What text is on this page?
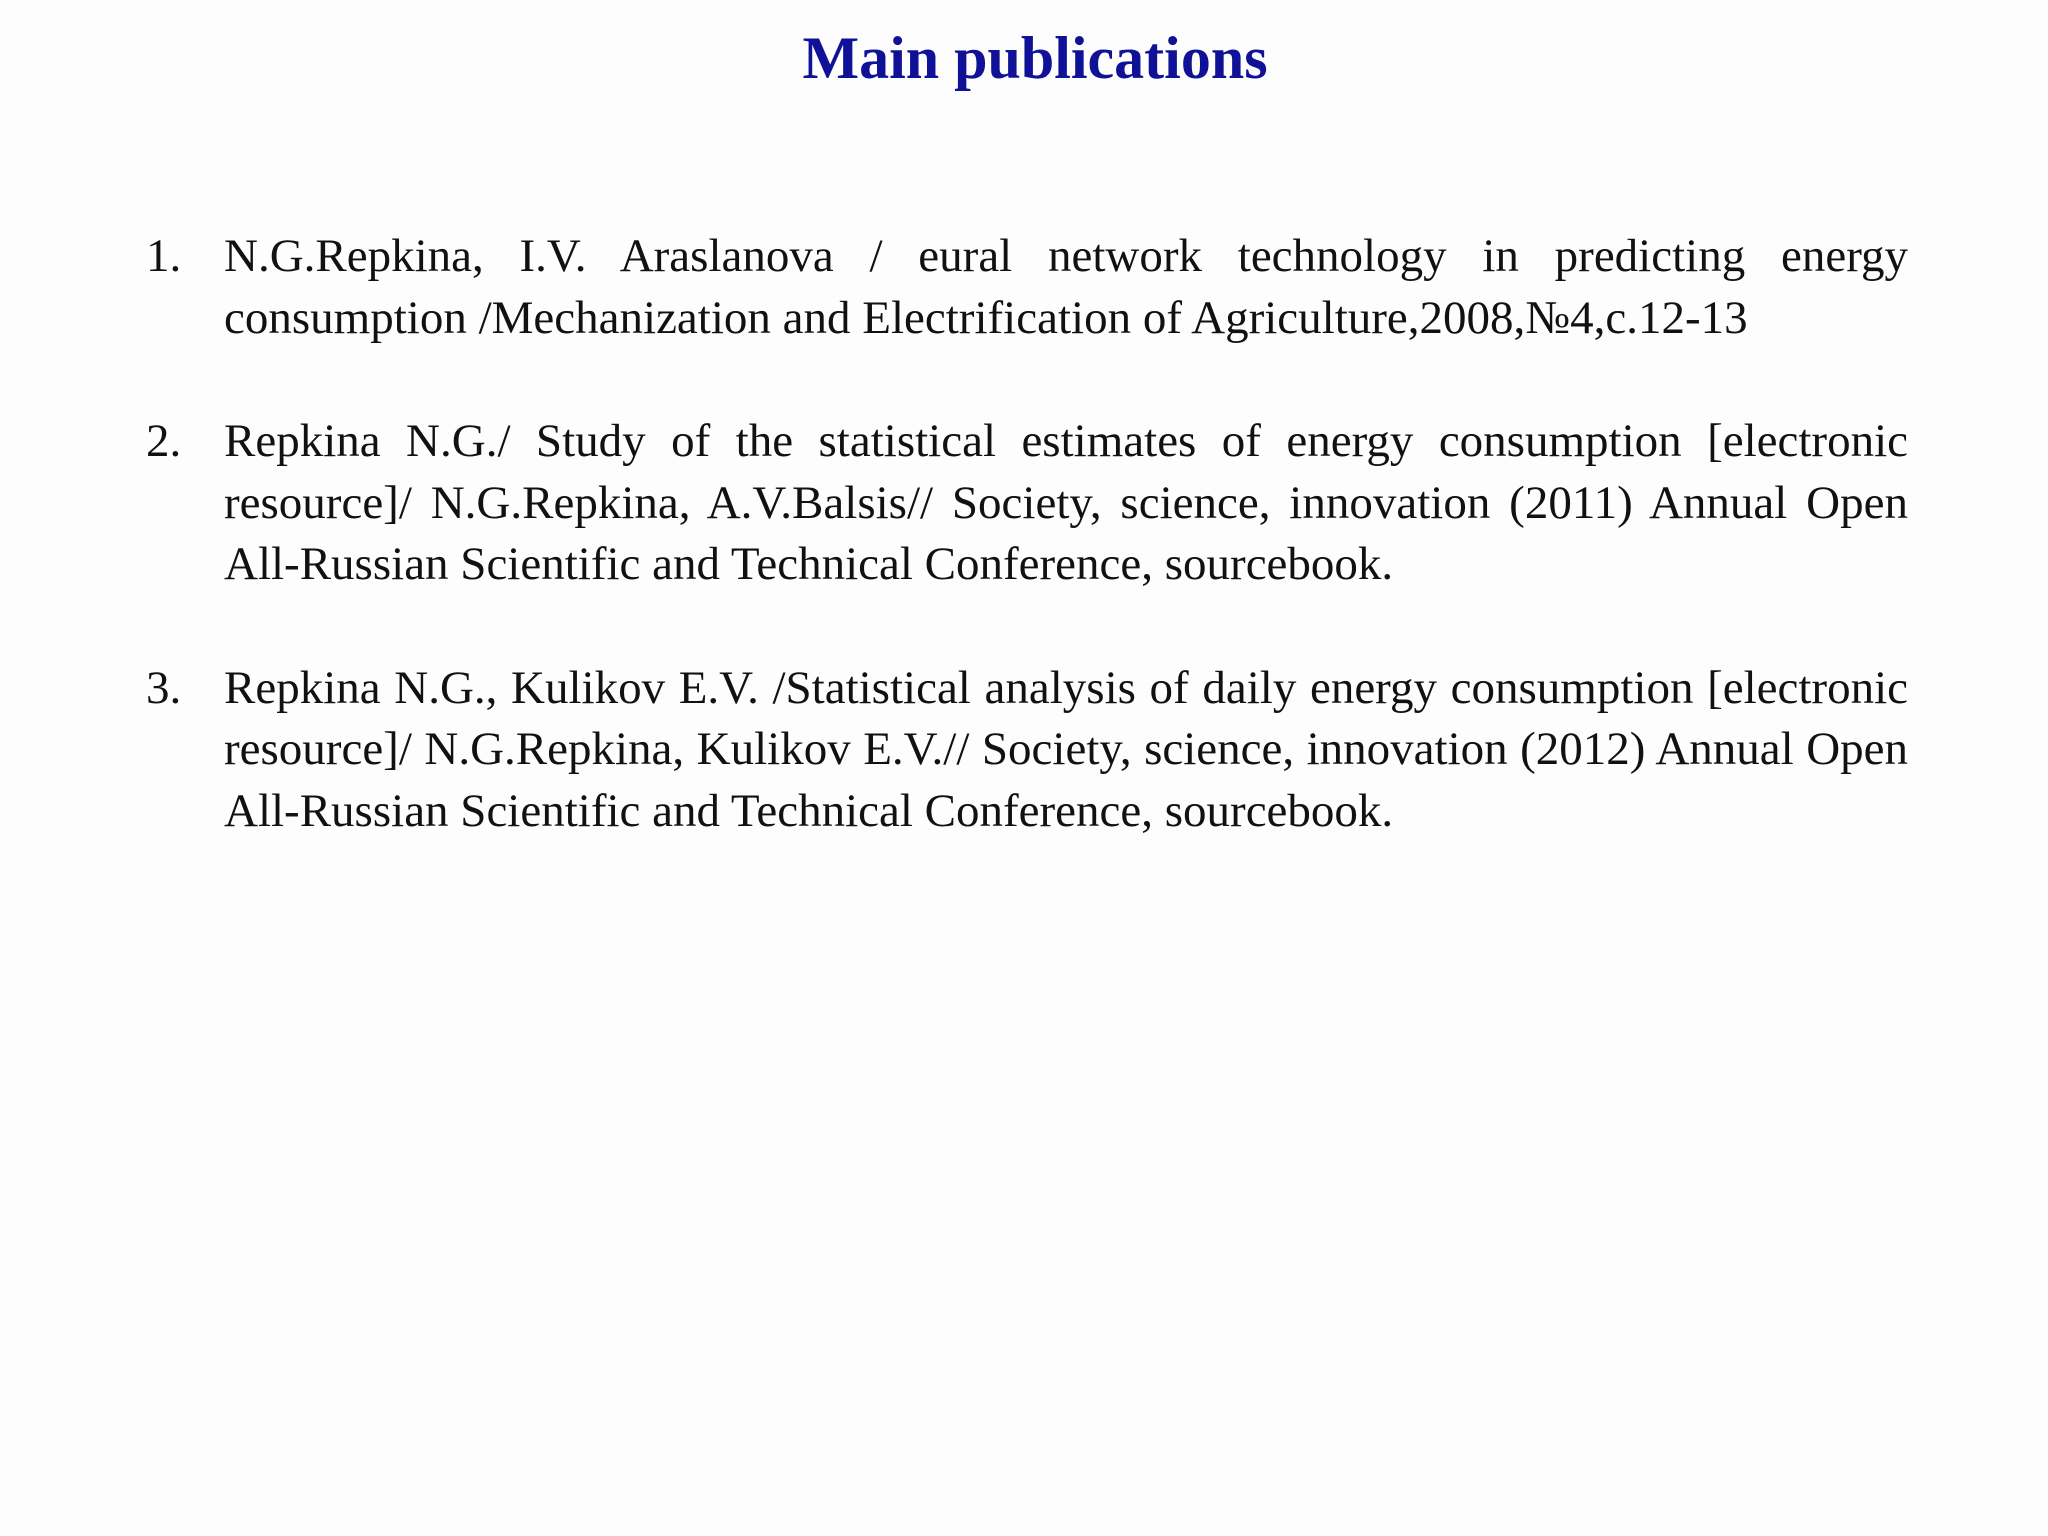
Main publications
1. N.G.Repkina, I.V. Araslanova / eural network technology in predicting energy consumption /Mechanization and Electrification of Agriculture,2008,№4,c.12-13
2. Repkina N.G./ Study of the statistical estimates of energy consumption [electronic resource]/ N.G.Repkina, A.V.Balsis// Society, science, innovation (2011) Annual Open All-Russian Scientific and Technical Conference, sourcebook.
3. Repkina N.G., Kulikov E.V. /Statistical analysis of daily energy consumption [electronic resource]/ N.G.Repkina, Kulikov E.V.// Society, science, innovation (2012) Annual Open All-Russian Scientific and Technical Conference, sourcebook.
